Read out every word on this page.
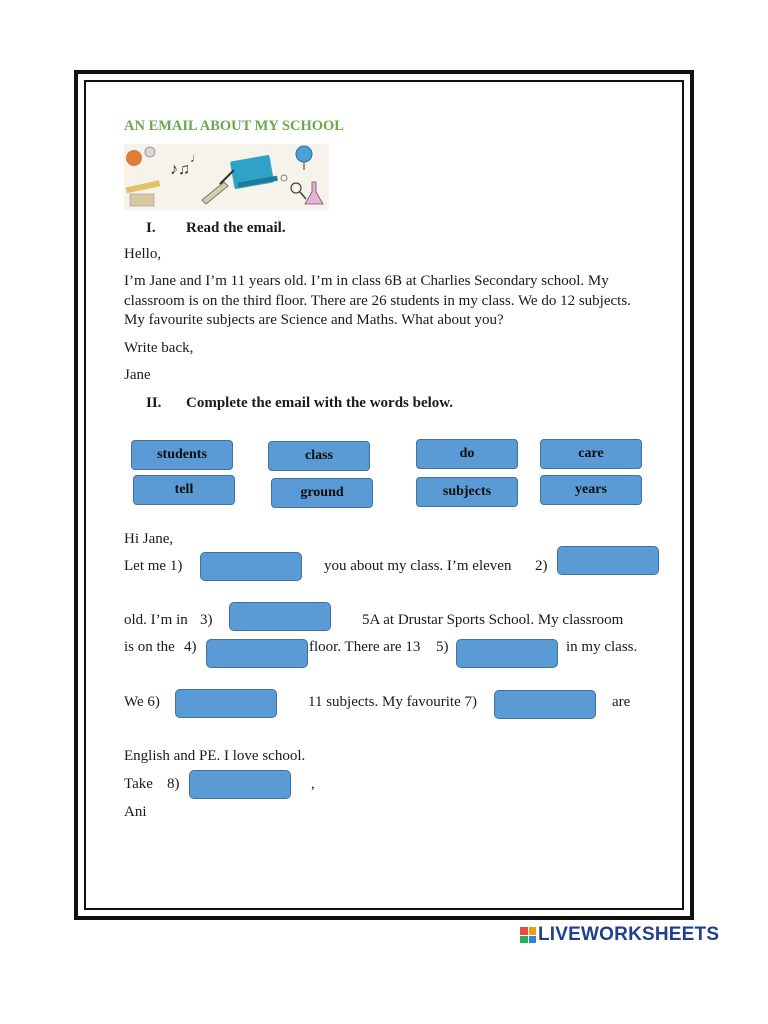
AN EMAIL ABOUT MY SCHOOL
♪♫
♩
I. Read the email.
Hello,
I’m Jane and I’m 11 years old. I’m in class 6B at Charlies Secondary school. My classroom is on the third floor. There are 26 students in my class. We do 12 subjects. My favourite subjects are Science and Maths. What about you?
Write back,
Jane
II. Complete the email with the words below.
students	class	do	care
tell	ground	subjects	years
Hi Jane,
Let me 1)	you about my class. I’m eleven 2)
old. I’m in 3)	5A at Drustar Sports School. My classroom
is on the 4)	floor. There are 13 5)	in my class.
We 6)	11 subjects. My favourite 7)	are
English and PE. I love school.
Take 8)	,
Ani
LIVEWORKSHEETS
